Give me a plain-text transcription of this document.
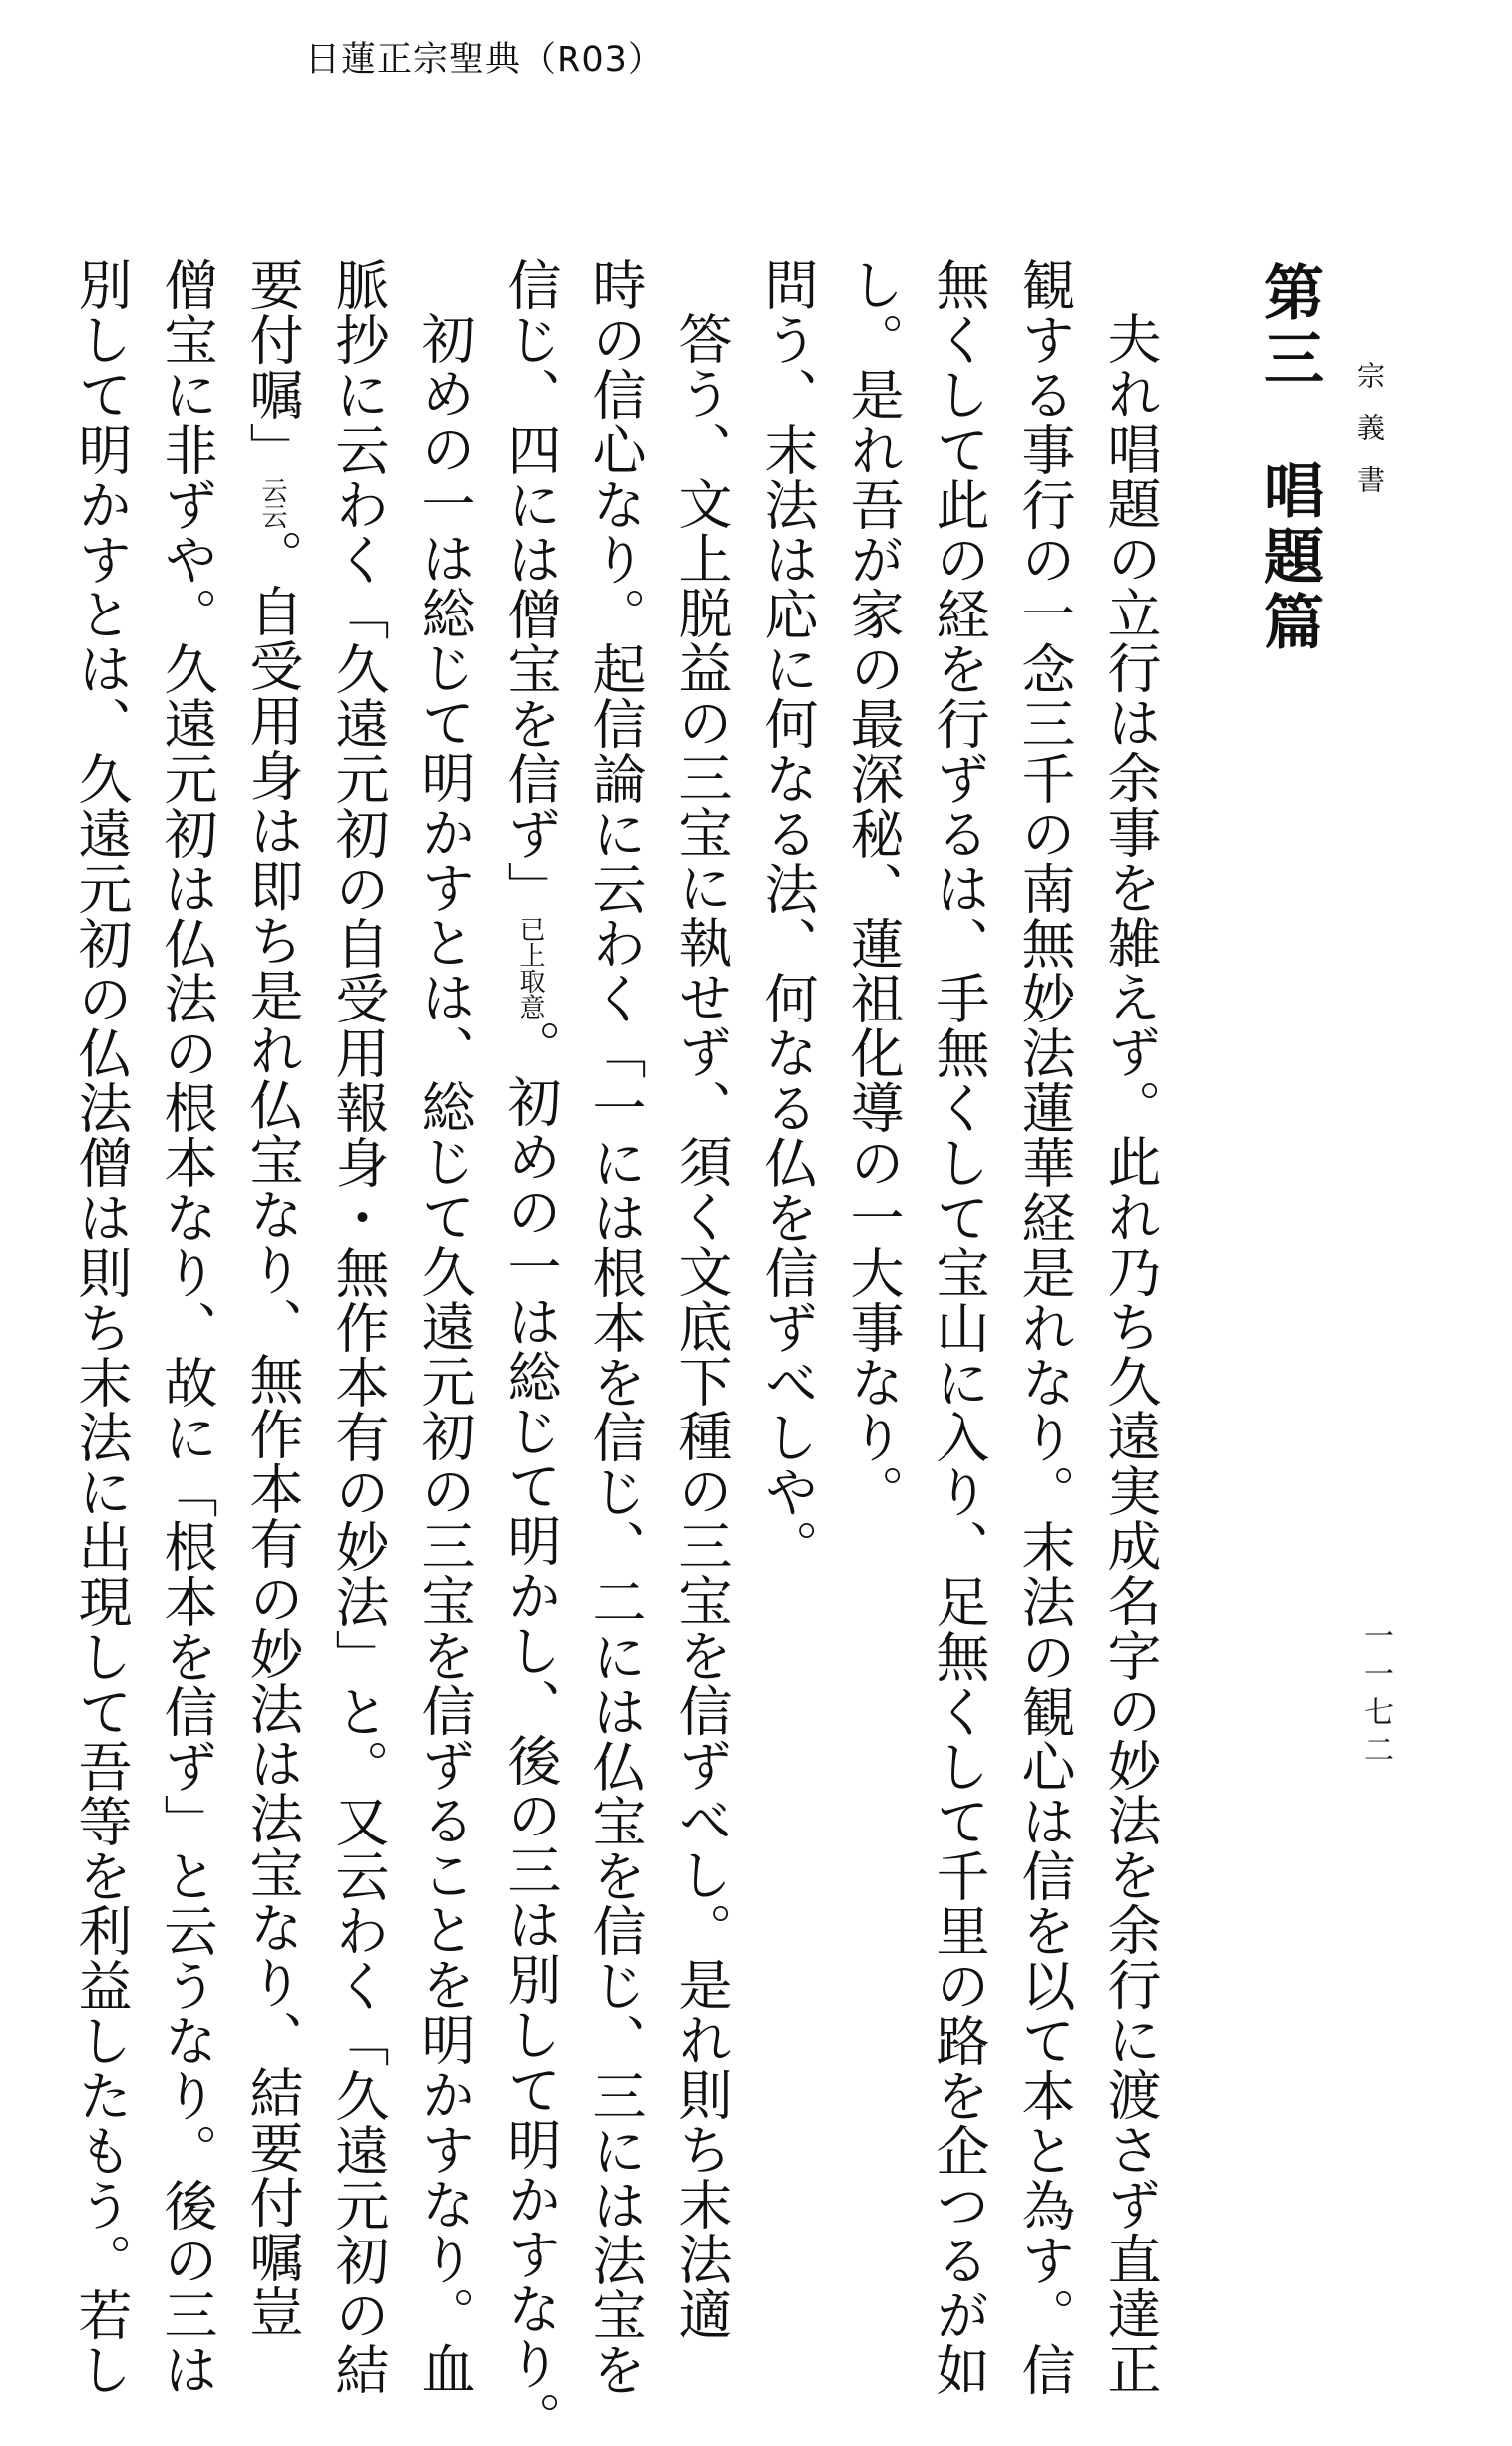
日蓮正宗聖典（R03）
宗義書
一一七二
第三　唱題篇

夫れ唱題の立行は余事を雑えず。此れ乃ち久遠実成名字の妙法を余行に渡さず直達正

観する事行の一念三千の南無妙法蓮華経是れなり。末法の観心は信を以て本と為す。信

無くして此の経を行ずるは、手無くして宝山に入り、足無くして千里の路を企つるが如

し。是れ吾が家の最深秘、蓮祖化導の一大事なり。

問う、末法は応に何なる法、何なる仏を信ずべしや。

答う、文上脱益の三宝に執せず、須く文底下種の三宝を信ずべし。是れ則ち末法適

時の信心なり。起信論に云わく「一には根本を信じ、二には仏宝を信じ、三には法宝を

信じ、四には僧宝を信ず」已上取意。初めの一は総じて明かし、後の三は別して明かすなり。

初めの一は総じて明かすとは、総じて久遠元初の三宝を信ずることを明かすなり。血

脈抄に云わく「久遠元初の自受用報身・無作本有の妙法」と。又云わく「久遠元初の結

要付嘱」云云。自受用身は即ち是れ仏宝なり、無作本有の妙法は法宝なり、結要付嘱豈

僧宝に非ずや。久遠元初は仏法の根本なり、故に「根本を信ず」と云うなり。後の三は

別して明かすとは、久遠元初の仏法僧は則ち末法に出現して吾等を利益したもう。若し
